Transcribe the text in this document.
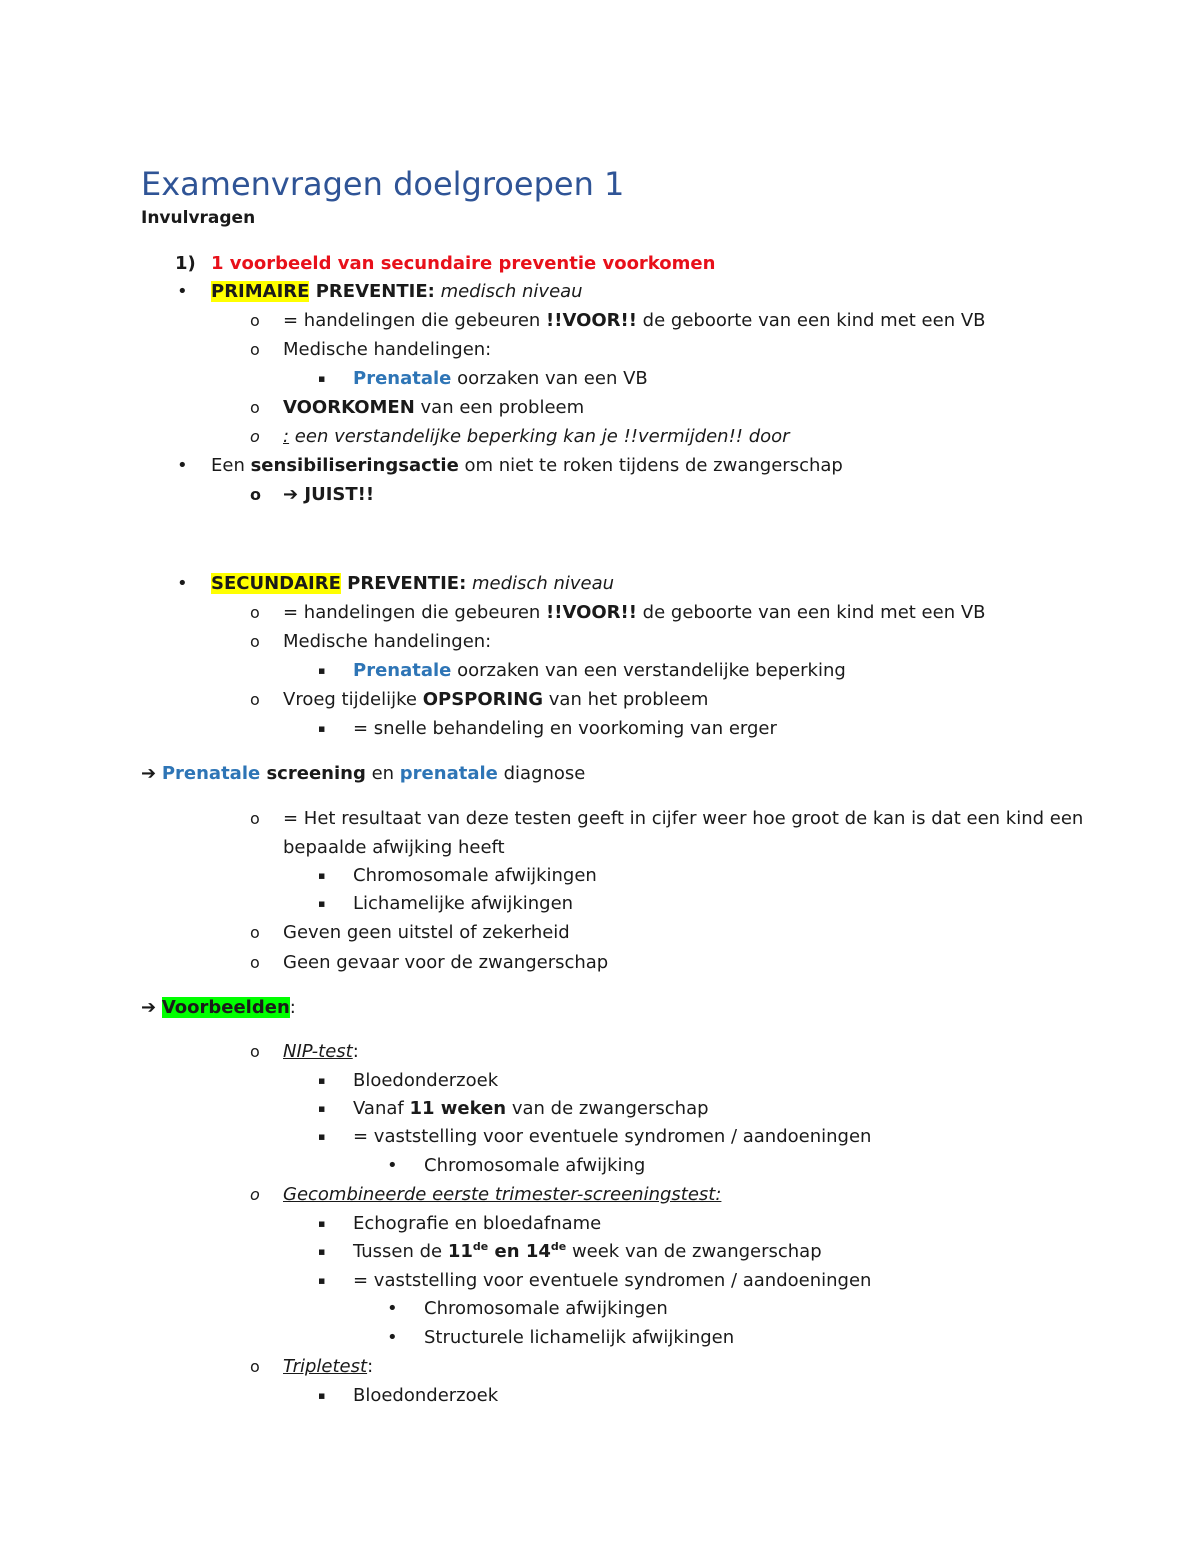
Examenvragen doelgroepen 1
Invulvragen
1) 1 voorbeeld van secundaire preventie voorkomen
• PRIMAIRE PREVENTIE: medisch niveau
o = handelingen die gebeuren !!VOOR!! de geboorte van een kind met een VB
o Medische handelingen:
▪ Prenatale oorzaken van een VB
o VOORKOMEN van een probleem
o : een verstandelijke beperking kan je !!vermijden!! door
• Een sensibiliseringsactie om niet te roken tijdens de zwangerschap
o ➔ JUIST!!
• SECUNDAIRE PREVENTIE: medisch niveau
o = handelingen die gebeuren !!VOOR!! de geboorte van een kind met een VB
o Medische handelingen:
▪ Prenatale oorzaken van een verstandelijke beperking
o Vroeg tijdelijke OPSPORING van het probleem
▪ = snelle behandeling en voorkoming van erger
➔ Prenatale screening en prenatale diagnose
o = Het resultaat van deze testen geeft in cijfer weer hoe groot de kan is dat een kind een
bepaalde afwijking heeft
▪ Chromosomale afwijkingen
▪ Lichamelijke afwijkingen
o Geven geen uitstel of zekerheid
o Geen gevaar voor de zwangerschap
➔ Voorbeelden:
o NIP-test:
▪ Bloedonderzoek
▪ Vanaf 11 weken van de zwangerschap
▪ = vaststelling voor eventuele syndromen / aandoeningen
• Chromosomale afwijking
o Gecombineerde eerste trimester-screeningstest:
▪ Echografie en bloedafname
▪ Tussen de 11de en 14de week van de zwangerschap
▪ = vaststelling voor eventuele syndromen / aandoeningen
• Chromosomale afwijkingen
• Structurele lichamelijk afwijkingen
o Tripletest:
▪ Bloedonderzoek
